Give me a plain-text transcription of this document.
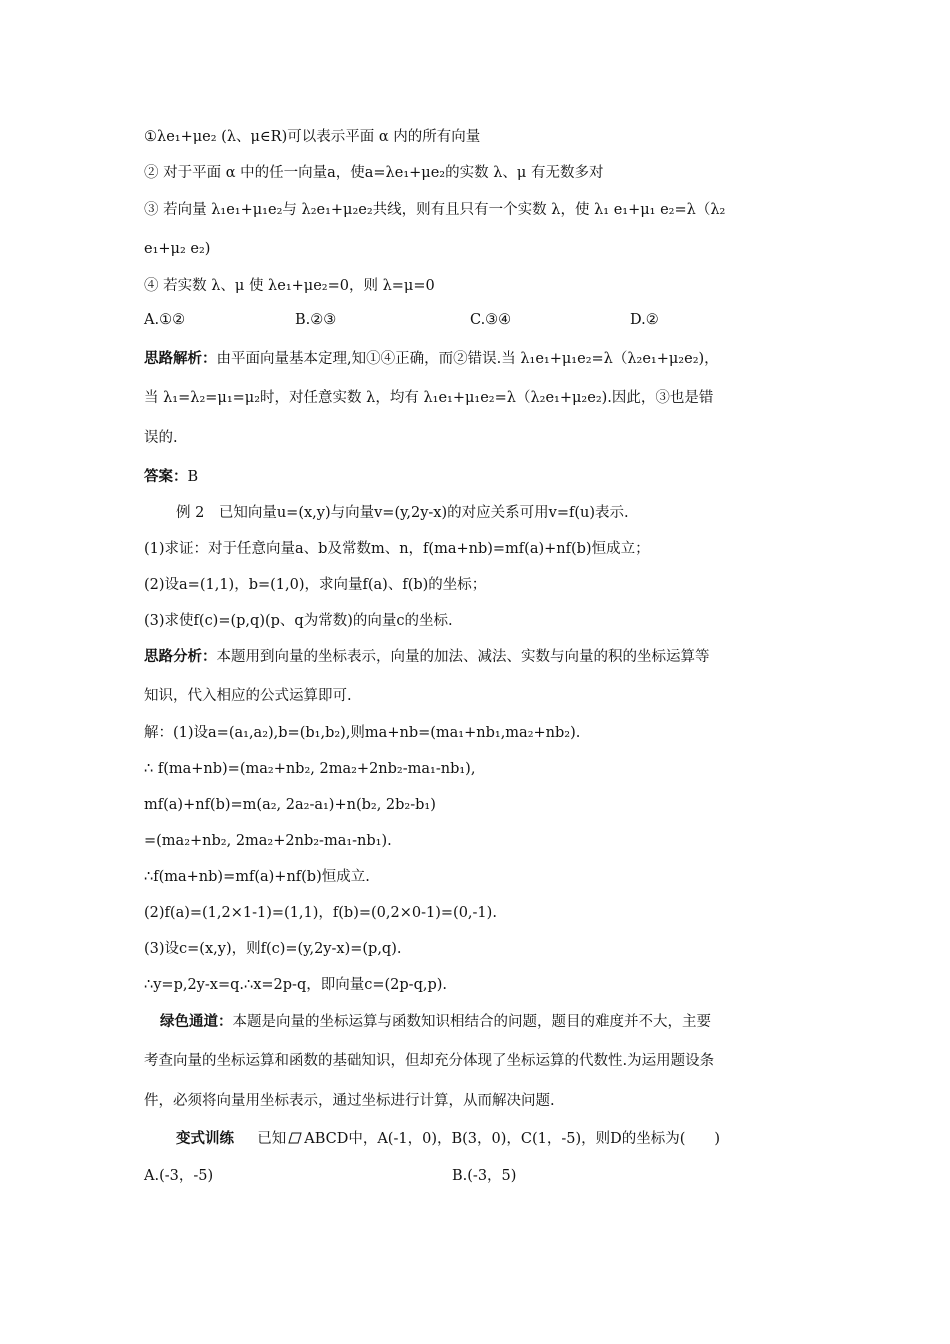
①λe₁+μe₂ (λ、μ∈R)可以表示平面 α 内的所有向量
② 对于平面 α 中的任一向量a，使a=λe₁+μe₂的实数 λ、μ 有无数多对
③ 若向量 λ₁e₁+μ₁e₂与 λ₂e₁+μ₂e₂共线，则有且只有一个实数 λ，使 λ₁ e₁+μ₁ e₂=λ（λ₂
e₁+μ₂ e₂)
④ 若实数 λ、μ 使 λe₁+μe₂=0，则 λ=μ=0
A.①②	B.②③	C.③④	D.②
思路解析：由平面向量基本定理,知①④正确，而②错误.当 λ₁e₁+μ₁e₂=λ（λ₂e₁+μ₂e₂)，
当 λ₁=λ₂=μ₁=μ₂时，对任意实数 λ，均有 λ₁e₁+μ₁e₂=λ（λ₂e₁+μ₂e₂).因此，③也是错
误的.
答案：B
例 2　已知向量u=(x,y)与向量v=(y,2y-x)的对应关系可用v=f(u)表示.
(1)求证：对于任意向量a、b及常数m、n，f(ma+nb)=mf(a)+nf(b)恒成立；
(2)设a=(1,1)，b=(1,0)，求向量f(a)、f(b)的坐标；
(3)求使f(c)=(p,q)(p、q为常数)的向量c的坐标.
思路分析：本题用到向量的坐标表示，向量的加法、减法、实数与向量的积的坐标运算等
知识，代入相应的公式运算即可.
解：(1)设a=(a₁,a₂),b=(b₁,b₂),则ma+nb=(ma₁+nb₁,ma₂+nb₂).
∴ f(ma+nb)=(ma₂+nb₂, 2ma₂+2nb₂-ma₁-nb₁),
mf(a)+nf(b)=m(a₂, 2a₂-a₁)+n(b₂, 2b₂-b₁)
=(ma₂+nb₂, 2ma₂+2nb₂-ma₁-nb₁).
∴f(ma+nb)=mf(a)+nf(b)恒成立.
(2)f(a)=(1,2×1-1)=(1,1)，f(b)=(0,2×0-1)=(0,-1).
(3)设c=(x,y)，则f(c)=(y,2y-x)=(p,q).
∴y=p,2y-x=q.∴x=2p-q，即向量c=(2p-q,p).
绿色通道：本题是向量的坐标运算与函数知识相结合的问题，题目的难度并不大，主要
考查向量的坐标运算和函数的基础知识，但却充分体现了坐标运算的代数性.为运用题设条
件，必须将向量用坐标表示，通过坐标进行计算，从而解决问题.
变式训练 已知 ABCD中，A(-1，0)，B(3，0)，C(1，-5)，则D的坐标为(　　)
A.(-3，-5)	B.(-3，5)
